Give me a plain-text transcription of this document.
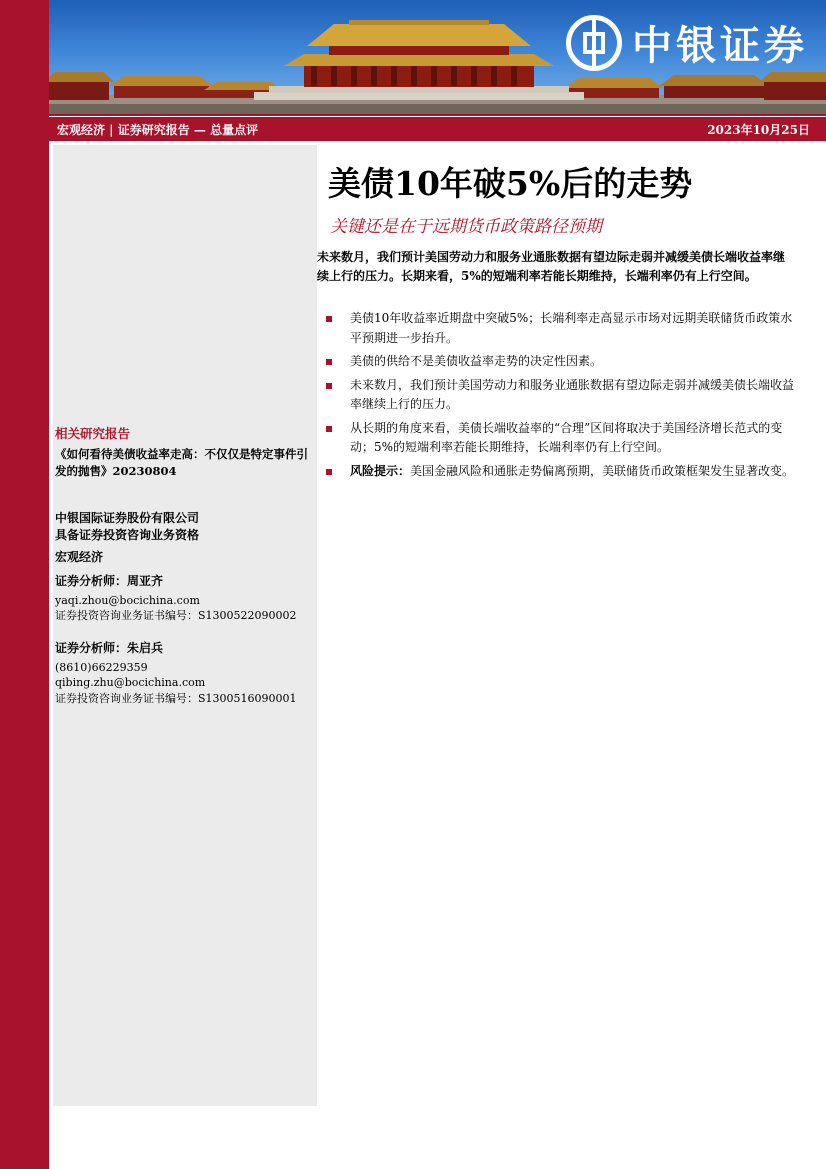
中银证券
宏观经济 | 证券研究报告 — 总量点评	2023年10月25日
相关研究报告
《如何看待美债收益率走高：不仅仅是特定事件引发的抛售》20230804
中银国际证券股份有限公司
具备证券投资咨询业务资格
宏观经济
证券分析师：周亚齐
yaqi.zhou@bocichina.com
证券投资咨询业务证书编号：S1300522090002
证券分析师：朱启兵
(8610)66229359
qibing.zhu@bocichina.com
证券投资咨询业务证书编号：S1300516090001
美债10年破5%后的走势
关键还是在于远期货币政策路径预期
未来数月，我们预计美国劳动力和服务业通胀数据有望边际走弱并减缓美债长端收益率继续上行的压力。长期来看，5%的短端利率若能长期维持，长端利率仍有上行空间。
美债10年收益率近期盘中突破5%；长端利率走高显示市场对远期美联储货币政策水平预期进一步抬升。
美债的供给不是美债收益率走势的决定性因素。
未来数月，我们预计美国劳动力和服务业通胀数据有望边际走弱并减缓美债长端收益率继续上行的压力。
从长期的角度来看，美债长端收益率的“合理”区间将取决于美国经济增长范式的变动；5%的短端利率若能长期维持，长端利率仍有上行空间。
风险提示：美国金融风险和通胀走势偏离预期，美联储货币政策框架发生显著改变。
